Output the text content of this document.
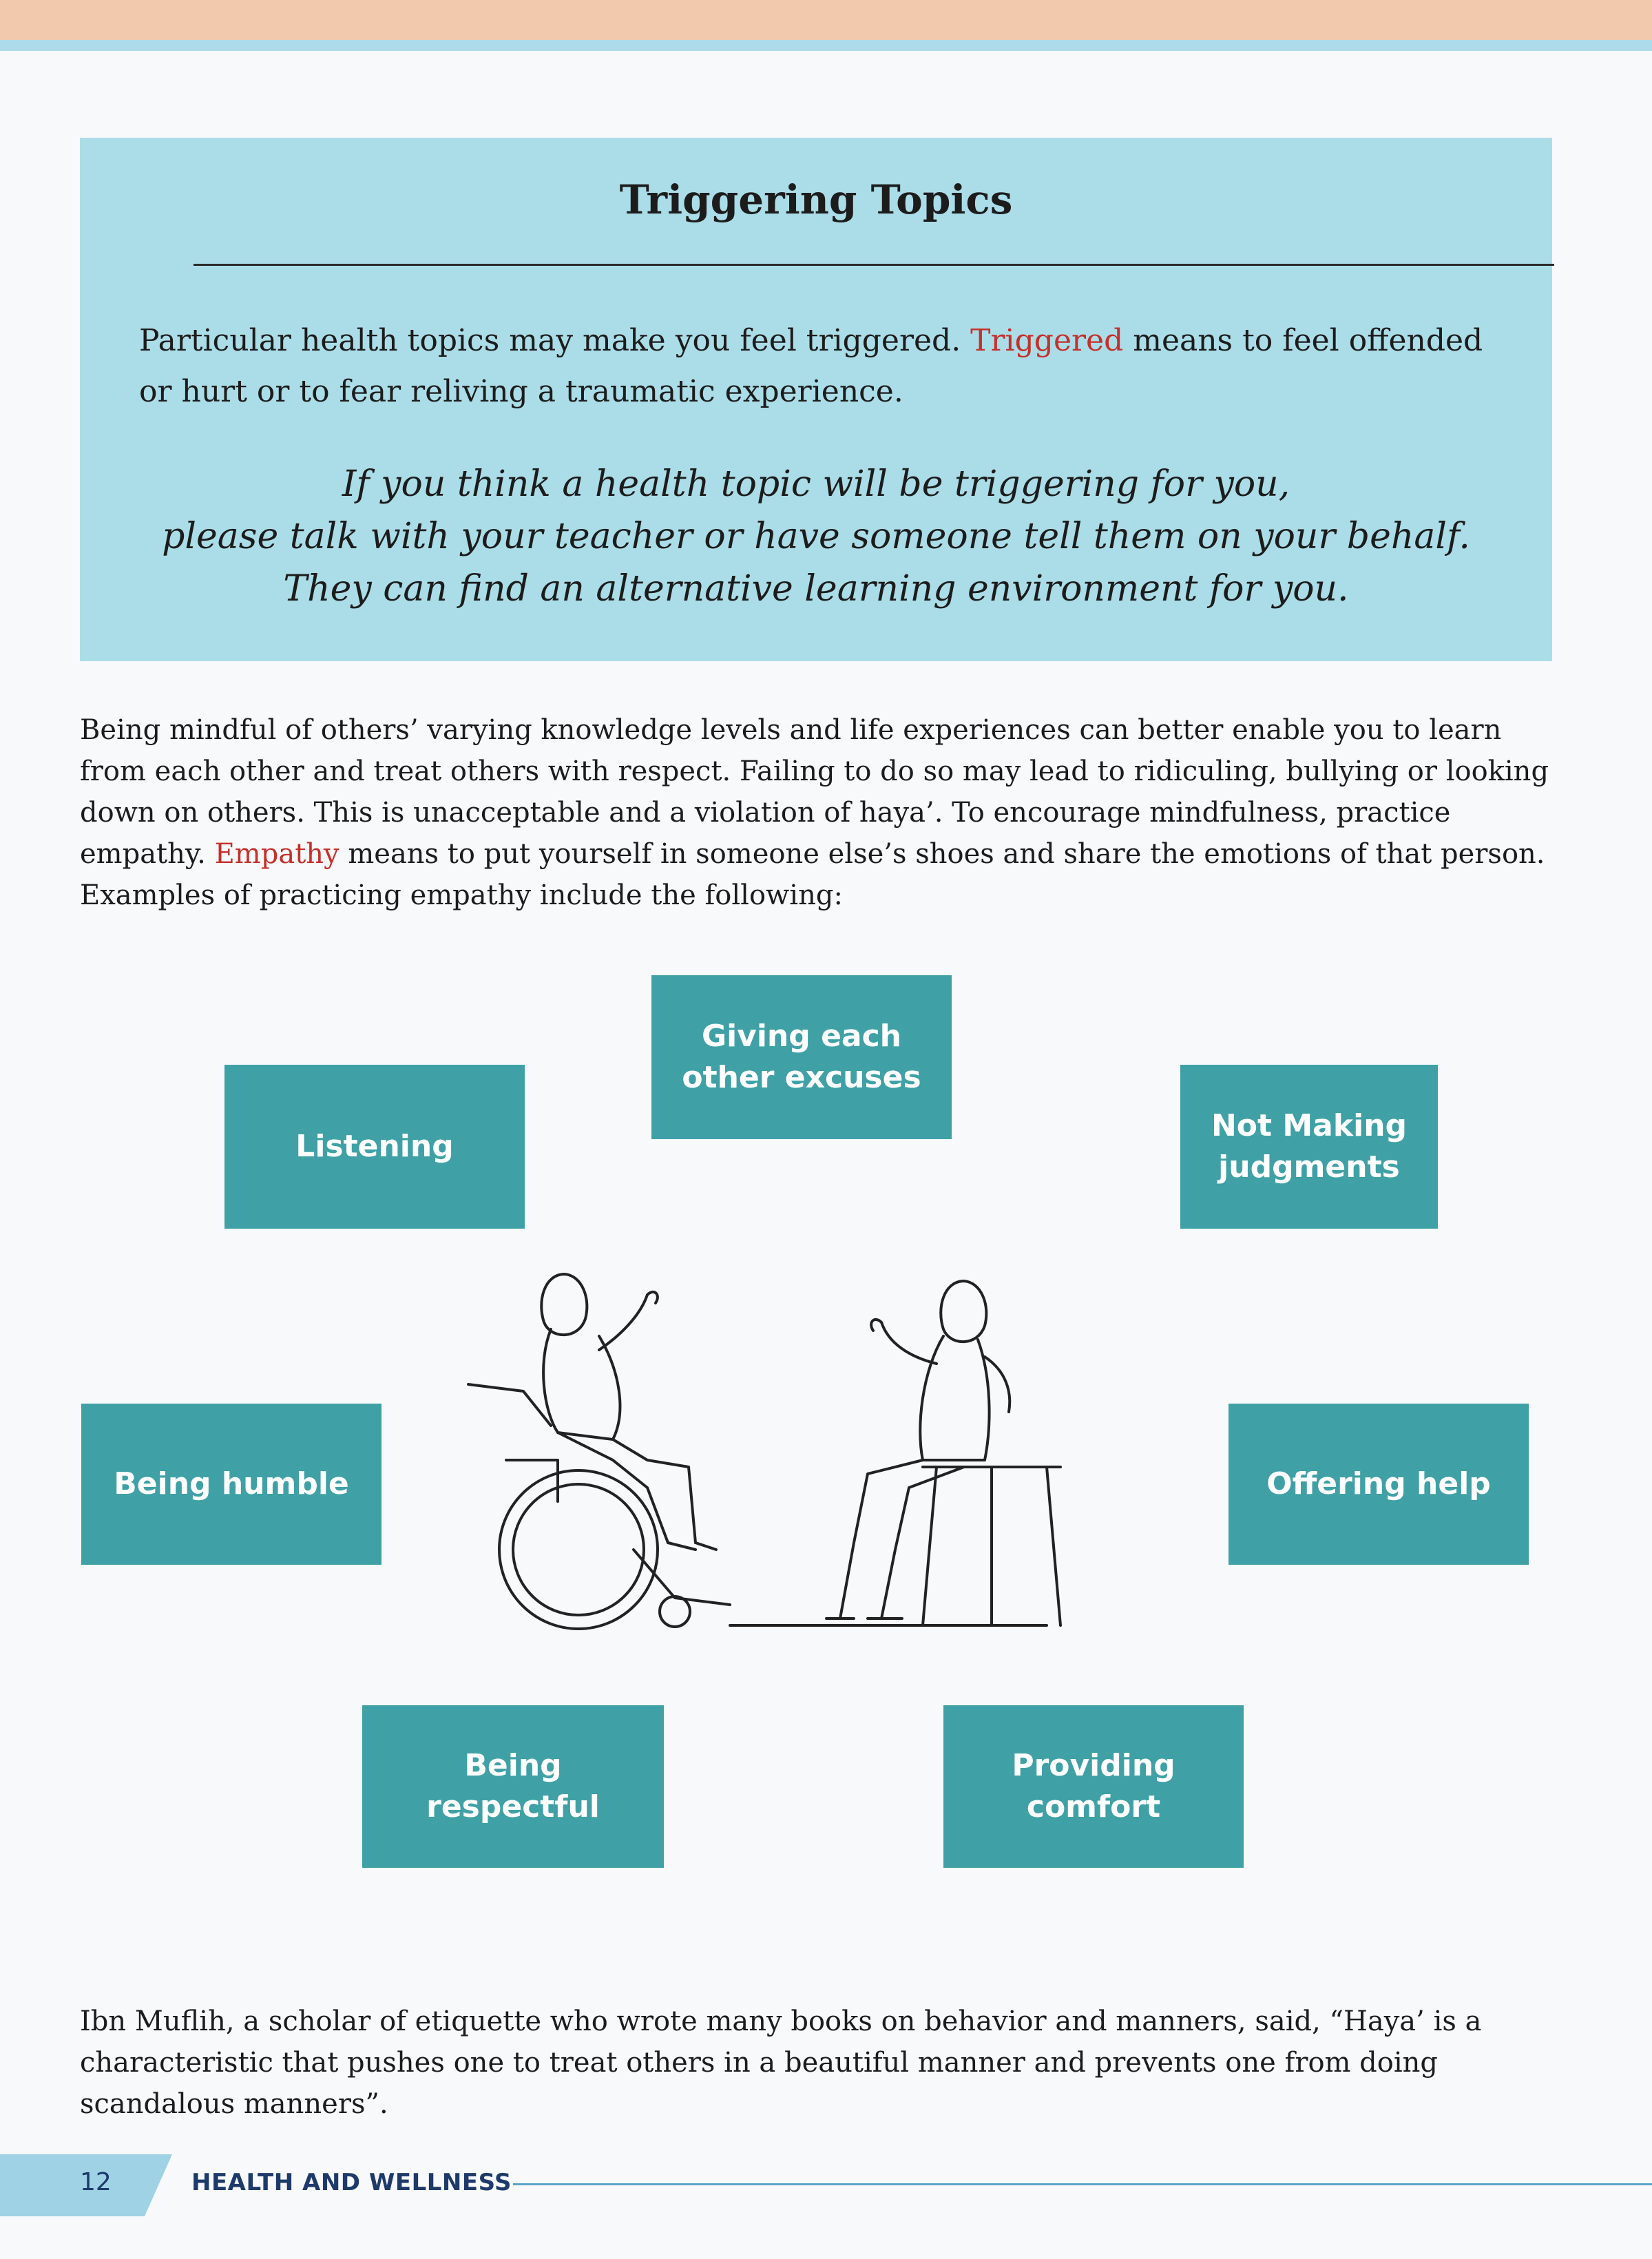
Triggering Topics
Particular health topics may make you feel triggered. Triggered means to feel offended or hurt or to fear reliving a traumatic experience.
If you think a health topic will be triggering for you,
please talk with your teacher or have someone tell them on your behalf.
They can find an alternative learning environment for you.
Being mindful of others’ varying knowledge levels and life experiences can better enable you to learn from each other and treat others with respect. Failing to do so may lead to ridiculing, bullying or looking down on others. This is unacceptable and a violation of haya’. To encourage mindfulness, practice empathy. Empathy means to put yourself in someone else’s shoes and share the emotions of that person. Examples of practicing empathy include the following:
Giving each
other excuses
Listening
Not Making
judgments
Being humble	Offering help
Being respectful
Providing
comfort
Ibn Muflih, a scholar of etiquette who wrote many books on behavior and manners, said, “Haya’ is a characteristic that pushes one to treat others in a beautiful manner and prevents one from doing scandalous manners”.
12	HEALTH AND WELLNESS
